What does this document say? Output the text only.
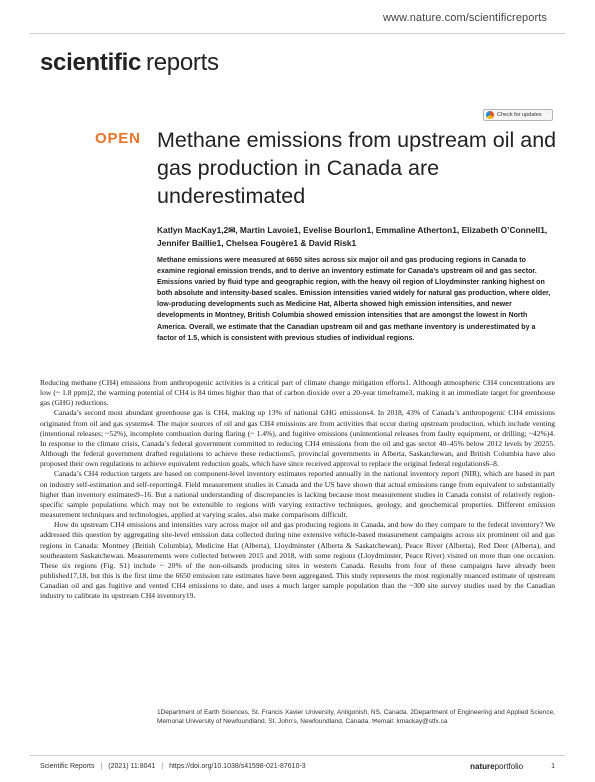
www.nature.com/scientificreports
scientific reports
Check for updates
OPEN Methane emissions from upstream oil and gas production in Canada are underestimated
Katlyn MacKay1,2✉, Martin Lavoie1, Evelise Bourlon1, Emmaline Atherton1, Elizabeth O’Connell1, Jennifer Baillie1, Chelsea Fougère1 & David Risk1

Methane emissions were measured at 6650 sites across six major oil and gas producing regions in Canada to examine regional emission trends, and to derive an inventory estimate for Canada’s upstream oil and gas sector. Emissions varied by fluid type and geographic region, with the heavy oil region of Lloydminster ranking highest on both absolute and intensity-based scales. Emission intensities varied widely for natural gas production, where older, low-producing developments such as Medicine Hat, Alberta showed high emission intensities, and newer developments in Montney, British Columbia showed emission intensities that are amongst the lowest in North America. Overall, we estimate that the Canadian upstream oil and gas methane inventory is underestimated by a factor of 1.5, which is consistent with previous studies of individual regions.

Reducing methane (CH4) emissions from anthropogenic activities is a critical part of climate change mitigation efforts1. Although atmospheric CH4 concentrations are low (~ 1.8 ppm)2, the warming potential of CH4 is 84 times higher than that of carbon dioxide over a 20-year timeframe3, making it an immediate target for greenhouse gas (GHG) reductions.

Canada’s second most abundant greenhouse gas is CH4, making up 13% of national GHG emissions4. In 2018, 43% of Canada’s anthropogenic CH4 emissions originated from oil and gas systems4. The major sources of oil and gas CH4 emissions are from activities that occur during upstream production, which include venting (intentional releases; ~52%), incomplete combustion during flaring (~ 1.4%), and fugitive emissions (unintentional releases from faulty equipment, or drilling; ~42%)4. In response to the climate crisis, Canada’s federal government committed to reducing CH4 emissions from the oil and gas sector 40–45% below 2012 levels by 20255. Although the federal government drafted regulations to achieve these reductions5, provincial governments in Alberta, Saskatchewan, and British Columbia have also proposed their own regulations to achieve equivalent reduction goals, which have since received approval to replace the original federal regulations6–8.

Canada’s CH4 reduction targets are based on component-level inventory estimates reported annually in the national inventory report (NIR), which are based in part on industry self-estimation and self-reporting4. Field measurement studies in Canada and the US have shown that actual emissions range from equivalent to substantially higher than inventory estimates9–16. But a national understanding of discrepancies is lacking because most measurement studies in Canada consist of relatively region-specific sample populations which may not be extensible to regions with varying extractive techniques, geology, and geochemical properties. Different emission measurement techniques and technologies, applied at varying scales, also make comparisons difficult.

How do upstream CH4 emissions and intensities vary across major oil and gas producing regions in Canada, and how do they compare to the federal inventory? We addressed this question by aggregating site-level emission data collected during nine extensive vehicle-based measurement campaigns across six prominent oil and gas regions in Canada: Montney (British Columbia), Medicine Hat (Alberta), Lloydminster (Alberta & Saskatchewan), Peace River (Alberta), Red Deer (Alberta), and southeastern Saskatchewan. Measurements were collected between 2015 and 2018, with some regions (Lloydminster, Peace River) visited on more than one occasion. These six regions (Fig. S1) include ~ 20% of the non-oilsands producing sites in western Canada. Results from four of these campaigns have already been published17,18, but this is the first time the 6650 emission rate estimates have been aggregated. This study represents the most regionally nuanced estimate of upstream Canadian oil and gas fugitive and vented CH4 emissions to date, and uses a much larger sample population than the ~300 site survey studies used by the Canadian industry to calibrate its upstream CH4 inventory19.

1Department of Earth Sciences, St. Francis Xavier University, Antigonish, NS, Canada. 2Department of Engineering and Applied Science, Memorial University of Newfoundland, St. John’s, Newfoundland, Canada. ✉email: kmackay@stfx.ca
Scientific Reports | (2021) 11:8041 | https://doi.org/10.1038/s41598-021-87610-3	natureportfolio	1
